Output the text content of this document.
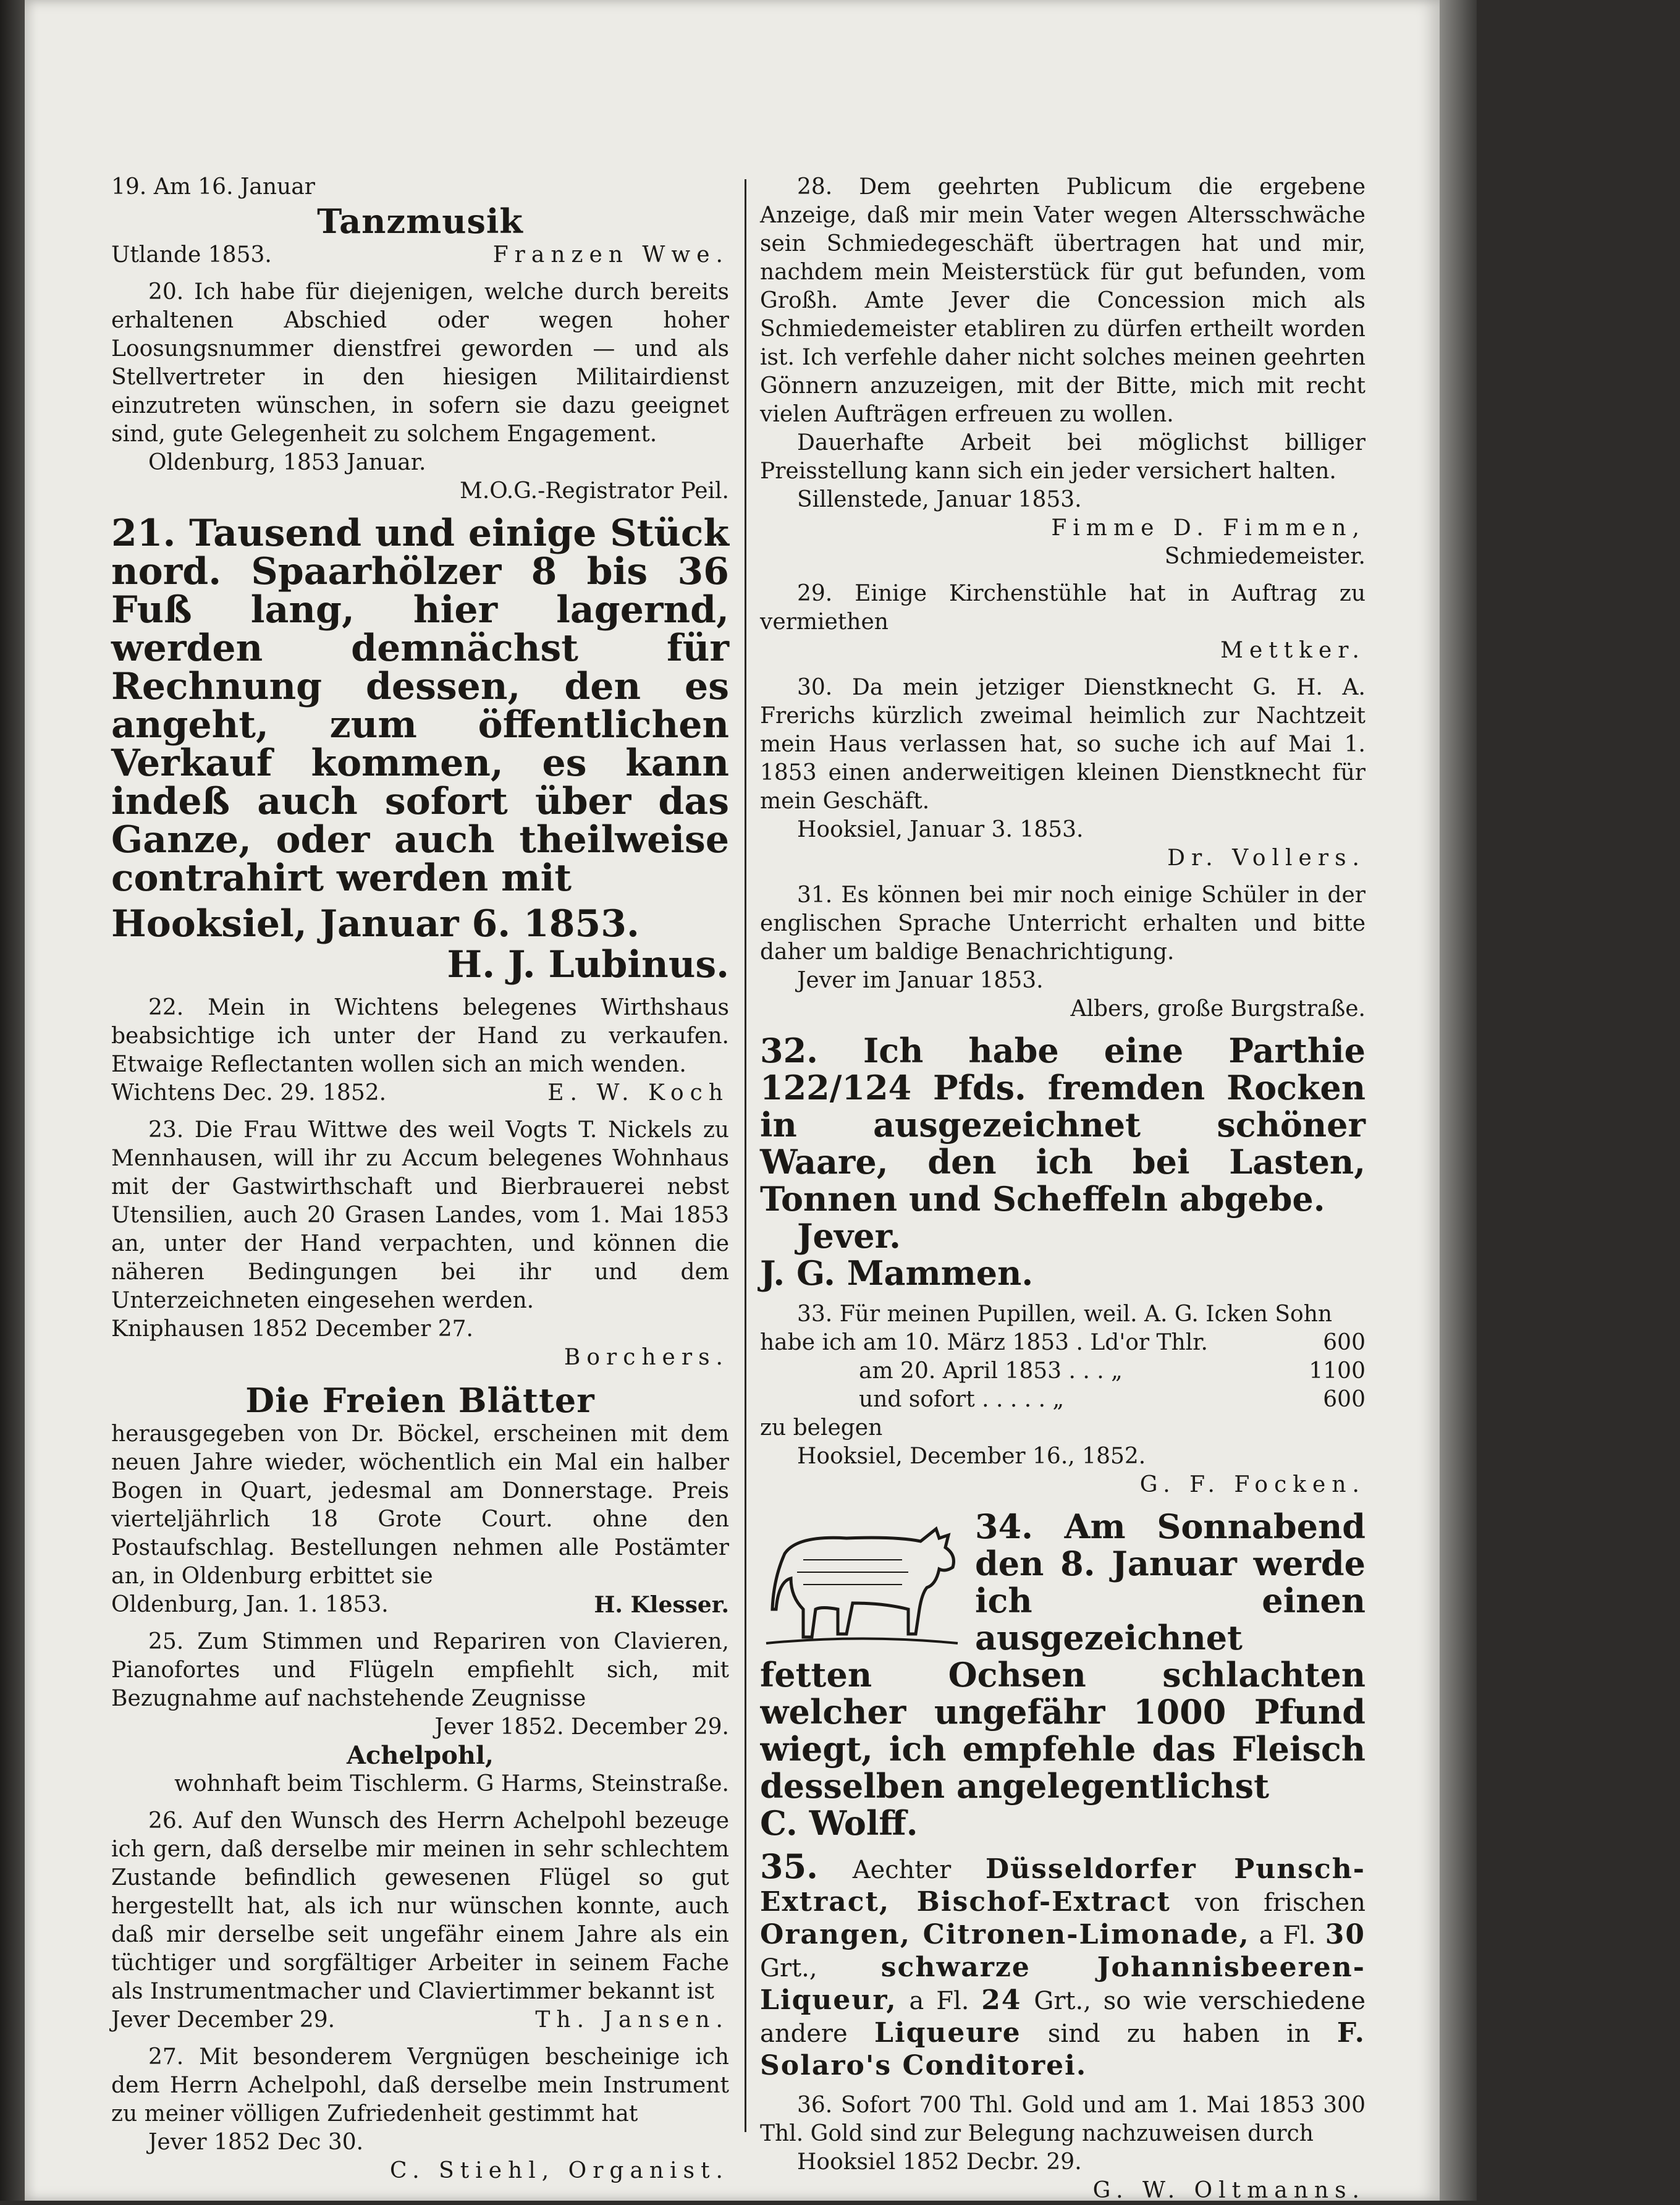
19. Am 16. Januar

Tanzmusik

Utlande 1853.	Franzen Wwe.

20. Ich habe für diejenigen, welche durch bereits erhaltenen Abschied oder wegen hoher Loosungsnummer dienstfrei geworden — und als Stellvertreter in den hiesigen Militairdienst einzutreten wünschen, in sofern sie dazu geeignet sind, gute Gelegenheit zu solchem Engagement.

Oldenburg, 1853 Januar.

M.O.G.-Registrator Peil.

21. Tausend und einige Stück nord. Spaarhölzer 8 bis 36 Fuß lang, hier lagernd, werden demnächst für Rechnung dessen, den es angeht, zum öffentlichen Verkauf kommen, es kann indeß auch sofort über das Ganze, oder auch theilweise contrahirt werden mit

Hooksiel, Januar 6. 1853.

H. J. Lubinus.

22. Mein in Wichtens belegenes Wirthshaus beabsichtige ich unter der Hand zu verkaufen. Etwaige Reflectanten wollen sich an mich wenden.

Wichtens Dec. 29. 1852.	E. W. Koch

23. Die Frau Wittwe des weil Vogts T. Nickels zu Mennhausen, will ihr zu Accum belegenes Wohnhaus mit der Gastwirthschaft und Bierbrauerei nebst Utensilien, auch 20 Grasen Landes, vom 1. Mai 1853 an, unter der Hand verpachten, und können die näheren Bedingungen bei ihr und dem Unterzeichneten eingesehen werden.

Kniphausen 1852 December 27.

Borchers.

Die Freien Blätter

herausgegeben von Dr. Böckel, erscheinen mit dem neuen Jahre wieder, wöchentlich ein Mal ein halber Bogen in Quart, jedesmal am Donnerstage. Preis vierteljährlich 18 Grote Court. ohne den Postaufschlag. Bestellungen nehmen alle Postämter an, in Oldenburg erbittet sie

Oldenburg, Jan. 1. 1853.	H. Klesser.

25. Zum Stimmen und Repariren von Clavieren, Pianofortes und Flügeln empfiehlt sich, mit Bezugnahme auf nachstehende Zeugnisse

Jever 1852. December 29.

Achelpohl,

wohnhaft beim Tischlerm. G Harms, Steinstraße.

26. Auf den Wunsch des Herrn Achelpohl bezeuge ich gern, daß derselbe mir meinen in sehr schlechtem Zustande befindlich gewesenen Flügel so gut hergestellt hat, als ich nur wünschen konnte, auch daß mir derselbe seit ungefähr einem Jahre als ein tüchtiger und sorgfältiger Arbeiter in seinem Fache als Instrumentmacher und Claviertimmer bekannt ist

Jever December 29.	Th. Jansen.

27. Mit besonderem Vergnügen bescheinige ich dem Herrn Achelpohl, daß derselbe mein Instrument zu meiner völligen Zufriedenheit gestimmt hat

Jever 1852 Dec 30.

C. Stiehl, Organist.

28. Dem geehrten Publicum die ergebene Anzeige, daß mir mein Vater wegen Altersschwäche sein Schmiedegeschäft übertragen hat und mir, nachdem mein Meisterstück für gut befunden, vom Großh. Amte Jever die Concession mich als Schmiedemeister etabliren zu dürfen ertheilt worden ist. Ich verfehle daher nicht solches meinen geehrten Gönnern anzuzeigen, mit der Bitte, mich mit recht vielen Aufträgen erfreuen zu wollen.

Dauerhafte Arbeit bei möglichst billiger Preisstellung kann sich ein jeder versichert halten.

Sillenstede, Januar 1853.

Fimme D. Fimmen,

Schmiedemeister.

29. Einige Kirchenstühle hat in Auftrag zu vermiethen

Mettker.

30. Da mein jetziger Dienstknecht G. H. A. Frerichs kürzlich zweimal heimlich zur Nachtzeit mein Haus verlassen hat, so suche ich auf Mai 1. 1853 einen anderweitigen kleinen Dienstknecht für mein Geschäft.

Hooksiel, Januar 3. 1853.

Dr. Vollers.

31. Es können bei mir noch einige Schüler in der englischen Sprache Unterricht erhalten und bitte daher um baldige Benachrichtigung.

Jever im Januar 1853.

Albers, große Burgstraße.

32. Ich habe eine Parthie 122/124 Pfds. fremden Rocken in ausgezeichnet schöner Waare, den ich bei Lasten, Tonnen und Scheffeln abgebe.

Jever.

J. G. Mammen.

33. Für meinen Pupillen, weil. A. G. Icken Sohn

habe ich am 10. März 1853 . Ld'or Thlr.	600
am 20. April 1853 . . . „	1100
und sofort . . . . . „	600

zu belegen

Hooksiel, December 16., 1852.

G. F. Focken.

34. Am Sonnabend den 8. Januar werde ich einen ausgezeichnet fetten Ochsen schlachten welcher ungefähr 1000 Pfund wiegt, ich empfehle das Fleisch desselben angelegentlichst

C. Wolff.

35. Aechter Düsseldorfer Punsch-Extract, Bischof-Extract von frischen Orangen, Citronen-Limonade, a Fl. 30 Grt., schwarze Johannisbeeren-Liqueur, a Fl. 24 Grt., so wie verschiedene andere Liqueure sind zu haben in F. Solaro's Conditorei.

36. Sofort 700 Thl. Gold und am 1. Mai 1853 300 Thl. Gold sind zur Belegung nachzuweisen durch

Hooksiel 1852 Decbr. 29.

G. W. Oltmanns.
